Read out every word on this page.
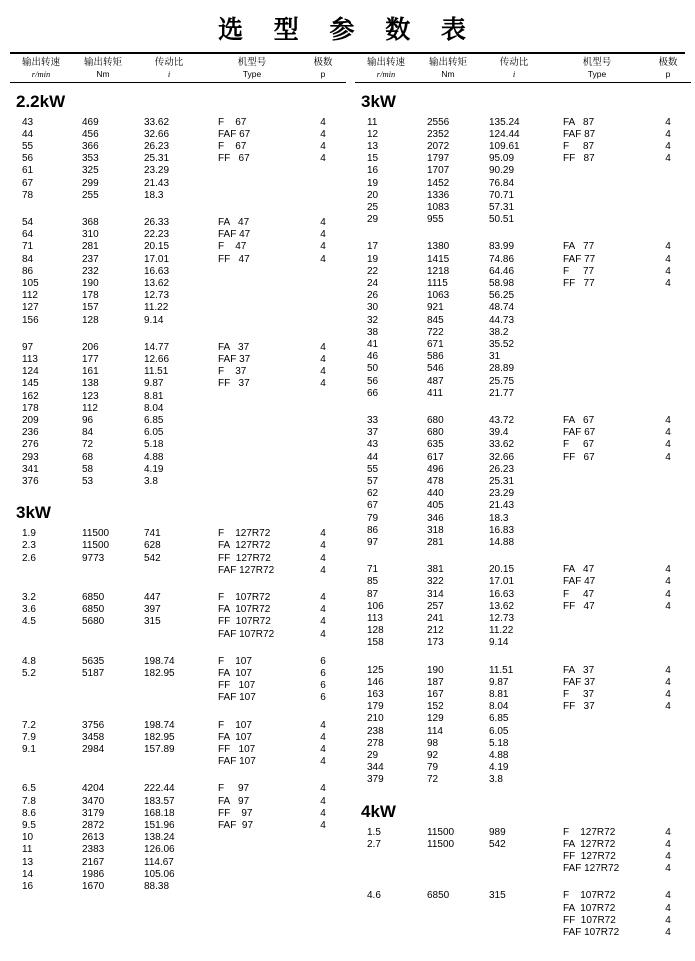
选 型 参 数 表
输出转速
r/min
输出转矩
Nm
传动比
i
机型号
Type
极数
p
2.2kW
43	469	33.62	F    67	4
44	456	32.66	FAF 67	4
55	366	26.23	F    67	4
56	353	25.31	FF   67	4
61	325	23.29

67	299	21.43

78	255	18.3

54	368	26.33	FA   47	4
64	310	22.23	FAF 47	4
71	281	20.15	F    47	4
84	237	17.01	FF   47	4
86	232	16.63

105	190	13.62

112	178	12.73

127	157	11.22

156	128	9.14

97	206	14.77	FA   37	4
113	177	12.66	FAF 37	4
124	161	11.51	F    37	4
145	138	9.87	FF   37	4
162	123	8.81

178	112	8.04

209	96	6.85

236	84	6.05

276	72	5.18

293	68	4.88

341	58	4.19

376	53	3.8

3kW
1.9	11500	741	F    127R72	4
2.3	11500	628	FA  127R72	4
2.6	9773	542	FF  127R72	4

FAF 127R72	4
3.2	6850	447	F    107R72	4
3.6	6850	397	FA  107R72	4
4.5	5680	315	FF  107R72	4

FAF 107R72	4
4.8	5635	198.74	F    107	6
5.2	5187	182.95	FA  107	6

FF   107	6

FAF 107	6
7.2	3756	198.74	F    107	4
7.9	3458	182.95	FA  107	4
9.1	2984	157.89	FF   107	4

FAF 107	4
6.5	4204	222.44	F     97	4
7.8	3470	183.57	FA   97	4
8.6	3179	168.18	FF    97	4
9.5	2872	151.96	FAF  97	4
10	2613	138.24

11	2383	126.06

13	2167	114.67

14	1986	105.06

16	1670	88.38

输出转速
r/min
输出转矩
Nm
传动比
i
机型号
Type
极数
p
3kW
11	2556	135.24	FA   87	4
12	2352	124.44	FAF 87	4
13	2072	109.61	F     87	4
15	1797	95.09	FF   87	4
16	1707	90.29

19	1452	76.84

20	1336	70.71

25	1083	57.31

29	955	50.51

17	1380	83.99	FA   77	4
19	1415	74.86	FAF 77	4
22	1218	64.46	F     77	4
24	1115	58.98	FF   77	4
26	1063	56.25

30	921	48.74

32	845	44.73

38	722	38.2

41	671	35.52

46	586	31

50	546	28.89

56	487	25.75

66	411	21.77

33	680	43.72	FA   67	4
37	680	39.4	FAF 67	4
43	635	33.62	F     67	4
44	617	32.66	FF   67	4
55	496	26.23

57	478	25.31

62	440	23.29

67	405	21.43

79	346	18.3

86	318	16.83

97	281	14.88

71	381	20.15	FA   47	4
85	322	17.01	FAF 47	4
87	314	16.63	F     47	4
106	257	13.62	FF   47	4
113	241	12.73

128	212	11.22

158	173	9.14

125	190	11.51	FA   37	4
146	187	9.87	FAF 37	4
163	167	8.81	F     37	4
179	152	8.04	FF   37	4
210	129	6.85

238	114	6.05

278	98	5.18

29	92	4.88

344	79	4.19

379	72	3.8

4kW
1.5	11500	989	F    127R72	4
2.7	11500	542	FA  127R72	4

FF  127R72	4

FAF 127R72	4
4.6	6850	315	F    107R72	4

FA  107R72	4

FF  107R72	4

FAF 107R72	4
